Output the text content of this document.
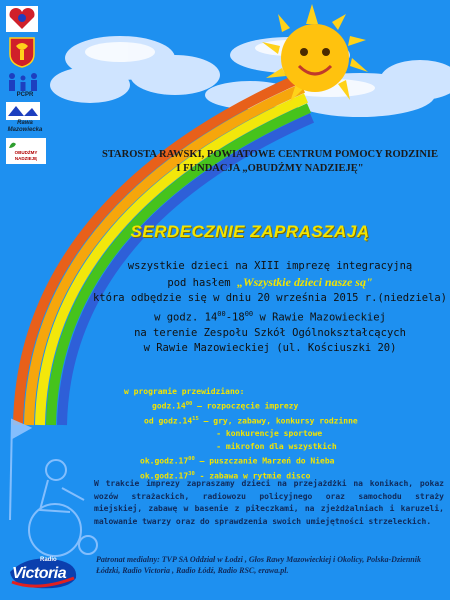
PCPR
Rawa Mazowiecka
OBUDŹMY NADZIEJĘ	STAROSTA RAWSKI, POWIATOWE CENTRUM POMOCY RODZINIE
I FUNDACJA „OBUDŹMY NADZIEJĘ"
SERDECZNIE ZAPRASZAJĄ
wszystkie dzieci na XIII imprezę integracyjną
pod hasłem „Wszystkie dzieci nasze są"
która odbędzie się w dniu 20 września 2015 r.(niedziela)
w godz. $14^{00}-18^{00}$ w Rawie Mazowieckiej
na terenie Zespołu Szkół Ogólnokształcących
w Rawie Mazowieckiej (ul. Kościuszki 20)
w programie przewidziano:
$godz.14^{00}$ – rozpoczęcie imprezy
od $godz.14^{15}$ – gry, zabawy, konkursy rodzinne
- konkurencje sportowe
- mikrofon dla wszystkich
$ok.godz.17^{00}$ – puszczanie Marzeń do Nieba
$ok.godz.17^{30}$ - zabawa w rytmie disco
W trakcie imprezy zapraszamy dzieci na przejażdżki na konikach, pokaz wozów strażackich, radiowozu policyjnego oraz samochodu straży miejskiej, zabawę w basenie z piłeczkami, na zjeżdżalniach i karuzeli, malowanie twarzy oraz do sprawdzenia swoich umiejętności strzeleckich.
Patronat medialny: TVP SA Oddział w Łodzi , Głos Rawy Mazowieckiej i Okolicy, Polska-Dziennik Łódzki, Radio Victoria , Radio Łódź, Radio RSC, erawa.pl.
Radio
Victoria
